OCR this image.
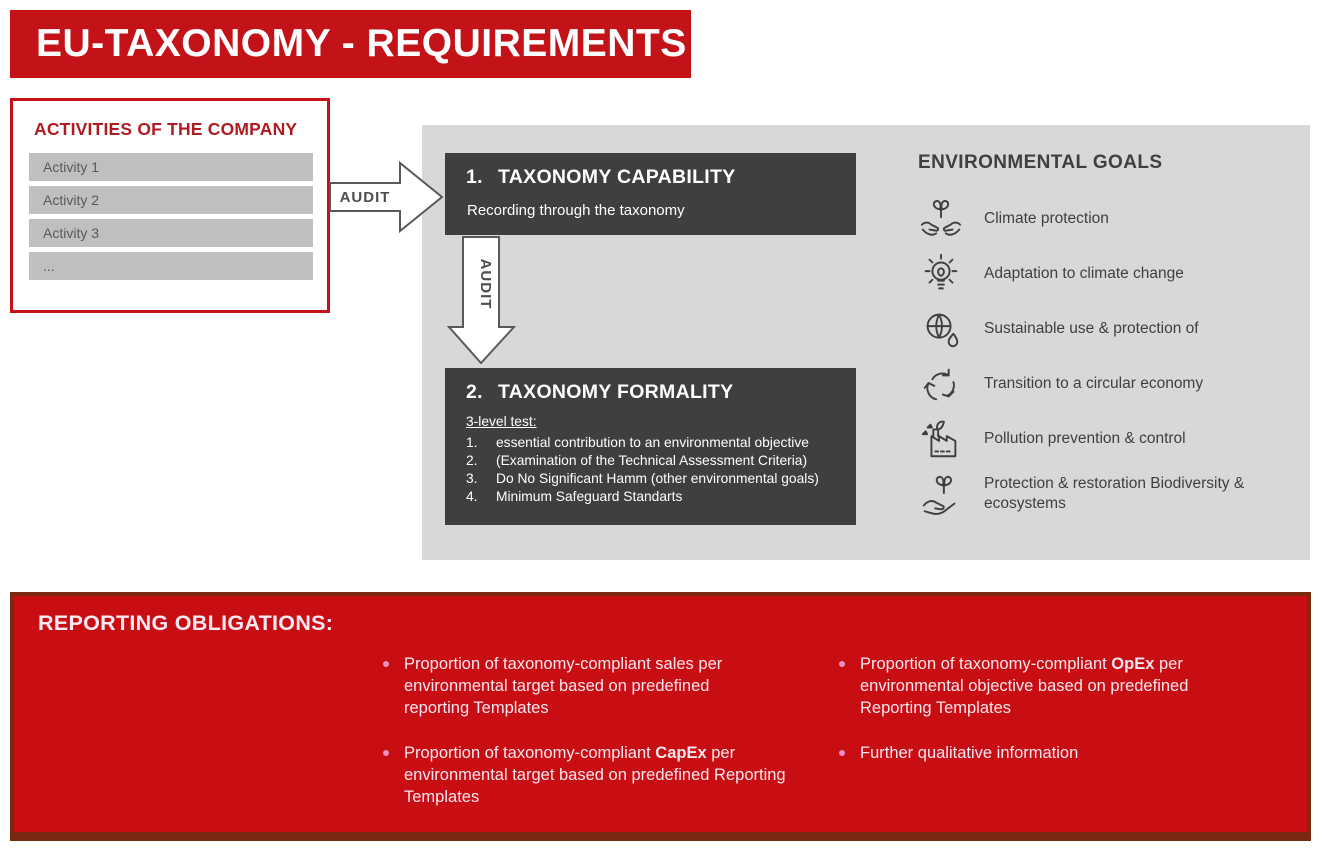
EU-TAXONOMY - REQUIREMENTS
ACTIVITIES OF THE COMPANY
Activity 1
Activity 2
Activity 3
...
AUDIT
1. TAXONOMY CAPABILITY
Recording through the taxonomy
AUDIT
2. TAXONOMY FORMALITY
3-level test:
1.	essential contribution to an environmental objective
2.	(Examination of the Technical Assessment Criteria)
3.	Do No Significant Hamm (other environmental goals)
4.	Minimum Safeguard Standarts
ENVIRONMENTAL GOALS
Climate protection
Adaptation to climate change
Sustainable use & protection of
Transition to a circular economy
Pollution prevention & control
Protection & restoration Biodiversity & ecosystems
REPORTING OBLIGATIONS:
Proportion of taxonomy-compliant sales per environmental target based on predefined reporting Templates
Proportion of taxonomy-compliant CapEx per environmental target based on predefined Reporting Templates
Proportion of taxonomy-compliant OpEx per environmental objective based on predefined Reporting Templates
Further qualitative information
